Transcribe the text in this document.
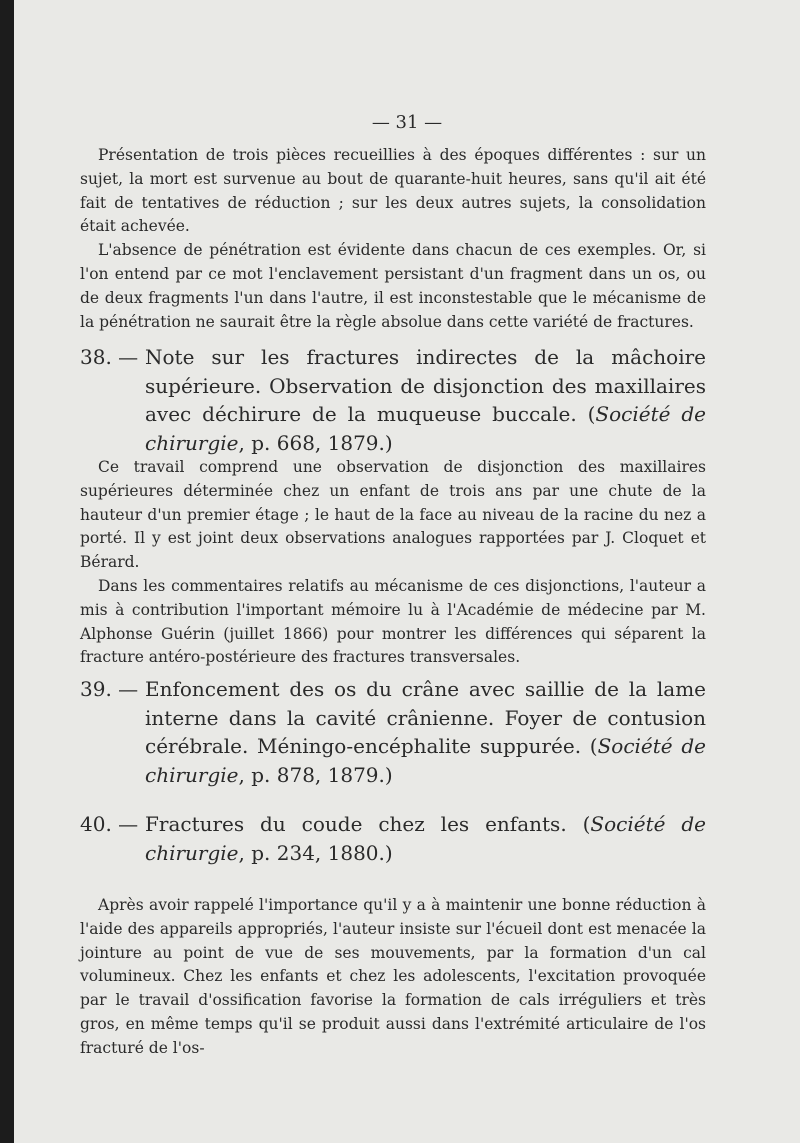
— 31 —

Présentation de trois pièces recueillies à des époques différentes : sur un sujet, la mort est survenue au bout de quarante-huit heures, sans qu'il ait été fait de tentatives de réduction ; sur les deux autres sujets, la consolidation était achevée.

L'absence de pénétration est évidente dans chacun de ces exemples. Or, si l'on entend par ce mot l'enclavement persistant d'un fragment dans un os, ou de deux fragments l'un dans l'autre, il est inconstestable que le mécanisme de la pénétration ne saurait être la règle absolue dans cette variété de fractures.

38. — Note sur les fractures indirectes de la mâchoire supérieure. Observation de disjonction des maxillaires avec déchirure de la muqueuse buccale. (Société de chirurgie, p. 668, 1879.)

Ce travail comprend une observation de disjonction des maxillaires supérieures déterminée chez un enfant de trois ans par une chute de la hauteur d'un premier étage ; le haut de la face au niveau de la racine du nez a porté. Il y est joint deux observations analogues rapportées par J. Cloquet et Bérard.

Dans les commentaires relatifs au mécanisme de ces disjonctions, l'auteur a mis à contribution l'important mémoire lu à l'Académie de médecine par M. Alphonse Guérin (juillet 1866) pour montrer les différences qui séparent la fracture antéro-postérieure des fractures transversales.

39. — Enfoncement des os du crâne avec saillie de la lame interne dans la cavité crânienne. Foyer de contusion cérébrale. Méningo-encéphalite suppurée. (Société de chirurgie, p. 878, 1879.)
40. — Fractures du coude chez les enfants. (Société de chirurgie, p. 234, 1880.)

Après avoir rappelé l'importance qu'il y a à maintenir une bonne réduction à l'aide des appareils appropriés, l'auteur insiste sur l'écueil dont est menacée la jointure au point de vue de ses mouvements, par la formation d'un cal volumineux. Chez les enfants et chez les adolescents, l'excitation provoquée par le travail d'ossification favorise la formation de cals irréguliers et très gros, en même temps qu'il se produit aussi dans l'extrémité articulaire de l'os fracturé de l'os-
